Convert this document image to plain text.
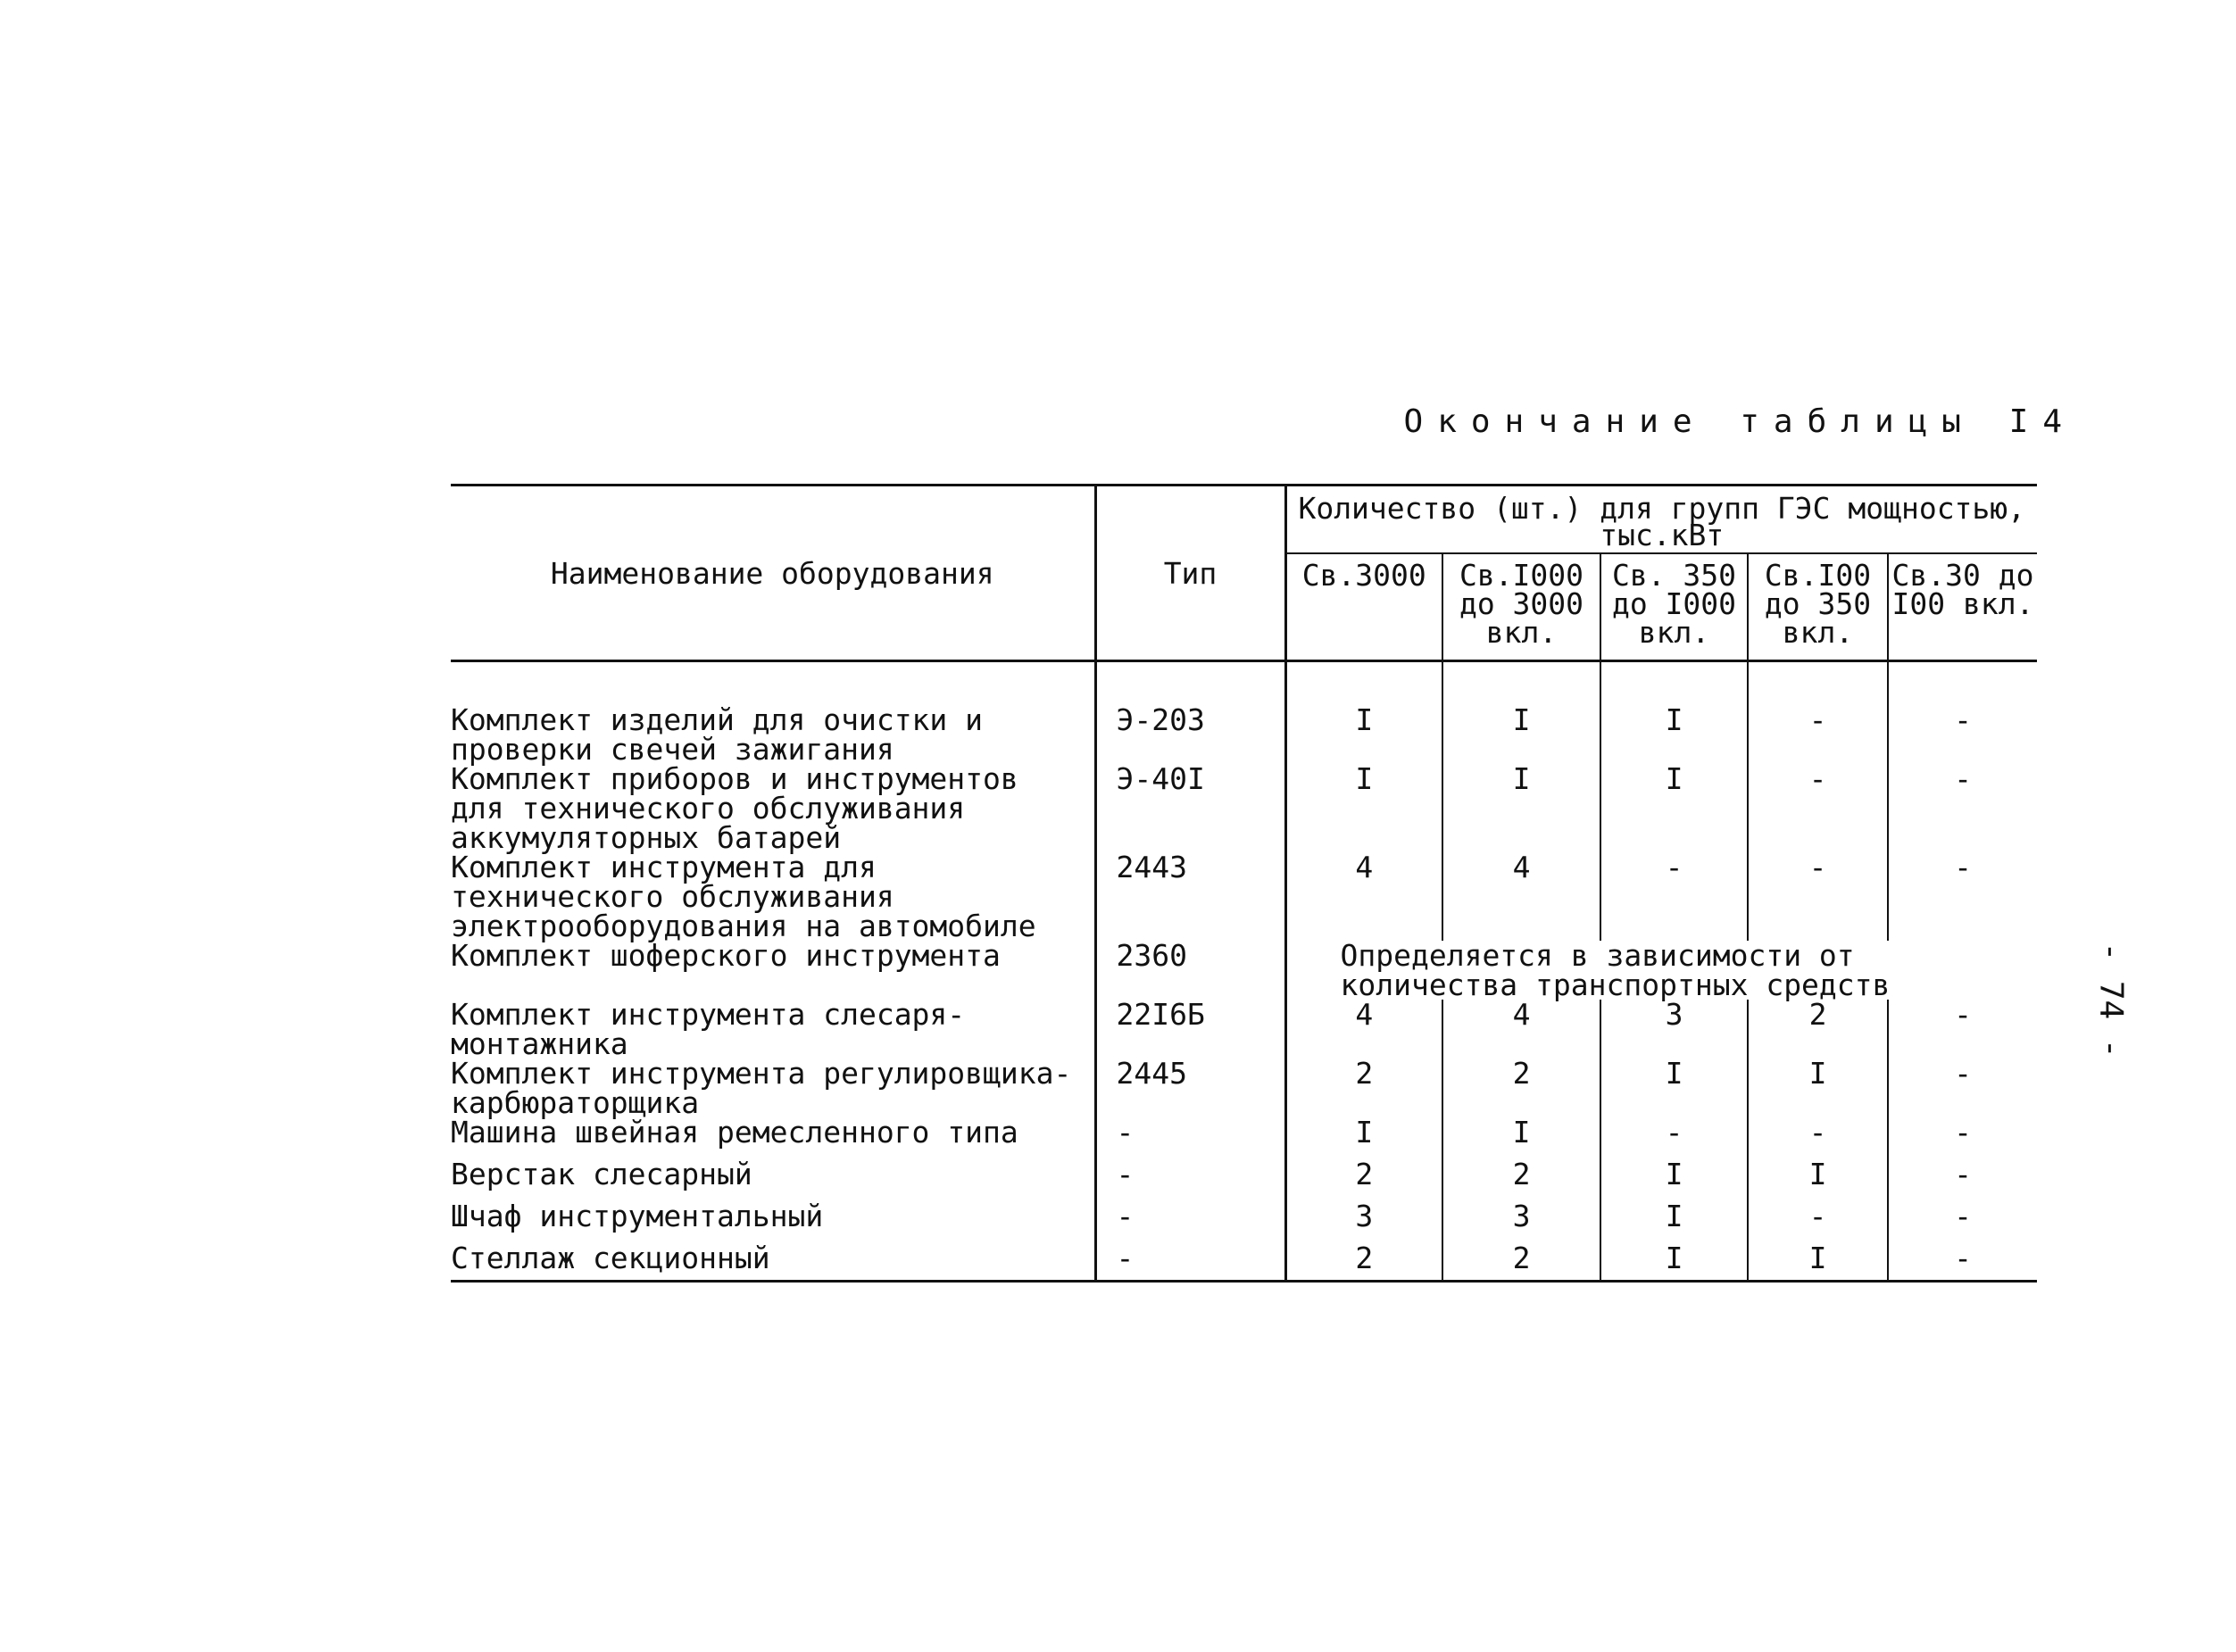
Окончание таблицы I4
- 74 -
Наименование оборудования	Тип	Количество (шт.) для групп ГЭС мощностью, тыс.кВт				
		Св.3000	Св.I000 до 3000 вкл.	Св. 350 до I000 вкл.	Св.I00 до 350 вкл.	Св.30 до I00 вкл.
Комплект изделий для очистки и проверки свечей зажигания	Э-203	I	I	I	-	-
Комплект приборов и инструментов для технического обслуживания аккумуляторных батарей	Э-40I	I	I	I	-	-
Комплект инструмента для технического обслуживания электрооборудования на автомобиле	2443	4	4	-	-	-
Комплект шоферского инструмента	2360	Определяется в зависимости от количества транспортных средств				
Комплект инструмента слесаря-монтажника	22I6Б	4	4	3	2	-
Комплект инструмента регулировщика-карбюраторщика	2445	2	2	I	I	-
Машина швейная ремесленного типа	-	I	I	-	-	-
Верстак слесарный	-	2	2	I	I	-
Шчаф инструментальный	-	3	3	I	-	-
Стеллаж секционный	-	2	2	I	I	-
